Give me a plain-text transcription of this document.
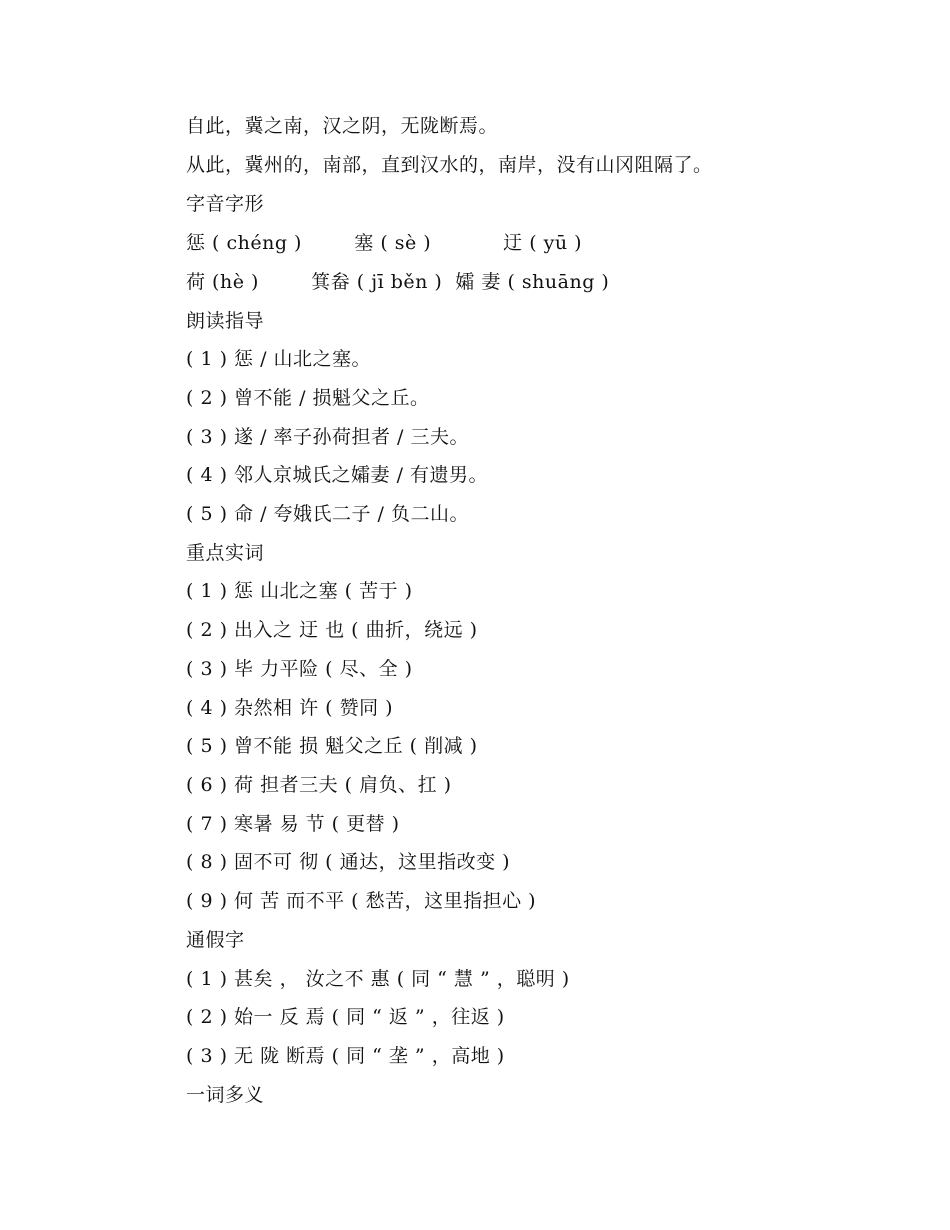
自此，冀之南，汉之阴，无陇断焉。
从此，冀州的，南部，直到汉水的，南岸，没有山冈阻隔了。
字音字形
惩 ( chéng )        塞 ( sè )           迂 ( yū )
荷 (hè )        箕畚 ( jī běn )  孀 妻 ( shuāng )
朗读指导
( 1 ) 惩 / 山北之塞。
( 2 ) 曾不能 / 损魁父之丘。
( 3 ) 遂 / 率子孙荷担者 / 三夫。
( 4 ) 邻人京城氏之孀妻 / 有遗男。
( 5 ) 命 / 夸娥氏二子 / 负二山。
重点实词
( 1 ) 惩 山北之塞 ( 苦于 )
( 2 ) 出入之 迂 也 ( 曲折，绕远 )
( 3 ) 毕 力平险 ( 尽、全 )
( 4 ) 杂然相 许 ( 赞同 )
( 5 ) 曾不能 损 魁父之丘 ( 削减 )
( 6 ) 荷 担者三夫 ( 肩负、扛 )
( 7 ) 寒暑 易 节 ( 更替 )
( 8 ) 固不可 彻 ( 通达，这里指改变 )
( 9 ) 何 苦 而不平 ( 愁苦，这里指担心 )
通假字
( 1 ) 甚矣 ， 汝之不 惠 ( 同 “ 慧 ” ，聪明 )
( 2 ) 始一 反 焉 ( 同 “ 返 ” ，往返 )
( 3 ) 无 陇 断焉 ( 同 “ 垄 ” ，高地 )
一词多义
